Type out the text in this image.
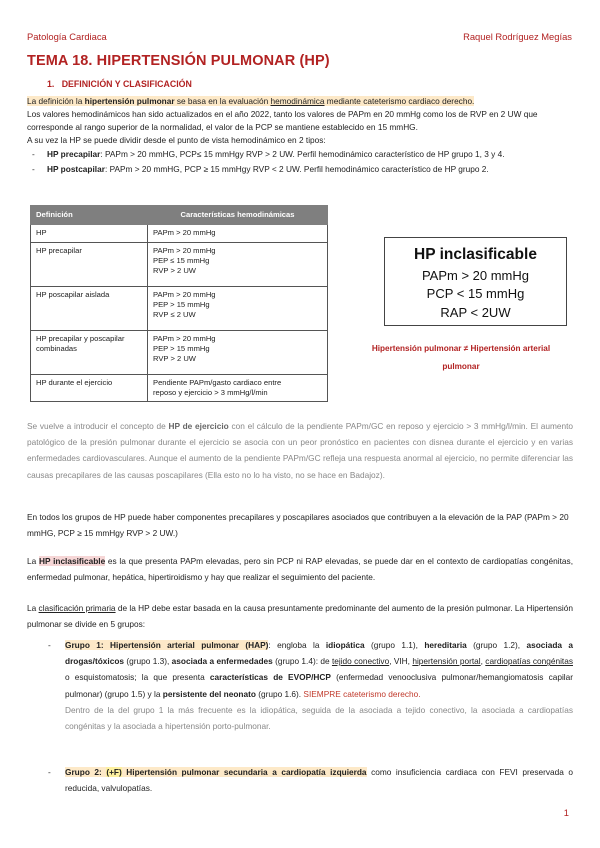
Patología Cardiaca	Raquel Rodríguez Megías
TEMA 18. HIPERTENSIÓN PULMONAR (HP)
1. DEFINICIÓN Y CLASIFICACIÓN
La definición la hipertensión pulmonar se basa en la evaluación hemodinámica mediante cateterismo cardiaco derecho.
Los valores hemodinámicos han sido actualizados en el año 2022, tanto los valores de PAPm en 20 mmHg como los de RVP en 2 UW que corresponde al rango superior de la normalidad, el valor de la PCP se mantiene establecido en 15 mmHG.
A su vez la HP se puede dividir desde el punto de vista hemodinámico en 2 tipos:
-	HP precapilar: PAPm > 20 mmHG, PCP≤ 15 mmHgy RVP > 2 UW. Perfil hemodinámico característico de HP grupo 1, 3 y 4.
-	HP postcapilar: PAPm > 20 mmHG, PCP ≥ 15 mmHgy RVP < 2 UW. Perfil hemodinámico característico de HP grupo 2.
Definición	Características hemodinámicas
HP	PAPm > 20 mmHg

HP precapilar	PAPm > 20 mmHg
PEP ≤ 15 mmHg
RVP > 2 UW

HP poscapilar aislada	PAPm > 20 mmHg
PEP > 15 mmHg
RVP ≤ 2 UW

HP precapilar y poscapilar combinadas	PAPm > 20 mmHg
PEP > 15 mmHg
RVP > 2 UW

HP durante el ejercicio	Pendiente PAPm/gasto cardiaco entre
reposo y ejercicio > 3 mmHg/l/min
HP inclasificable
PAPm > 20 mmHg
PCP < 15 mmHg
RAP < 2UW
Hipertensión pulmonar ≠ Hipertensión arterial
pulmonar
Se vuelve a introducir el concepto de HP de ejercicio con el cálculo de la pendiente PAPm/GC en reposo y ejercicio > 3 mmHg/l/min. El aumento patológico de la presión pulmonar durante el ejercicio se asocia con un peor pronóstico en pacientes con disnea durante el ejercicio y en varias enfermedades cardiovasculares. Aunque el aumento de la pendiente PAPm/GC refleja una respuesta anormal al ejercicio, no permite diferenciar las causas precapilares de las causas poscapilares (Ella esto no lo ha visto, no se hace en Badajoz).
En todos los grupos de HP puede haber componentes precapilares y poscapilares asociados que contribuyen a la elevación de la PAP (PAPm > 20 mmHG, PCP ≥ 15 mmHgy RVP > 2 UW.)
La HP inclasificable es la que presenta PAPm elevadas, pero sin PCP ni RAP elevadas, se puede dar en el contexto de cardiopatías congénitas, enfermedad pulmonar, hepática, hipertiroidismo y hay que realizar el seguimiento del paciente.
La clasificación primaria de la HP debe estar basada en la causa presuntamente predominante del aumento de la presión pulmonar. La Hipertensión pulmonar se divide en 5 grupos:
-	Grupo 1: Hipertensión arterial pulmonar (HAP): engloba la idiopática (grupo 1.1), hereditaria (grupo 1.2), asociada a drogas/tóxicos (grupo 1.3), asociada a enfermedades (grupo 1.4): de tejido conectivo, VIH, hipertensión portal, cardiopatías congénitas o esquistomatosis; la que presenta características de EVOP/HCP (enfermedad venooclusiva pulmonar/hemangiomatosis capilar pulmonar) (grupo 1.5) y la persistente del neonato (grupo 1.6). SIEMPRE cateterismo derecho.
Dentro de la del grupo 1 la más frecuente es la idiopática, seguida de la asociada a tejido conectivo, la asociada a cardiopatías congénitas y la asociada a hipertensión porto-pulmonar.
-	Grupo 2: (+F) Hipertensión pulmonar secundaria a cardiopatía izquierda como insuficiencia cardiaca con FEVI preservada o reducida, valvulopatías.
1
